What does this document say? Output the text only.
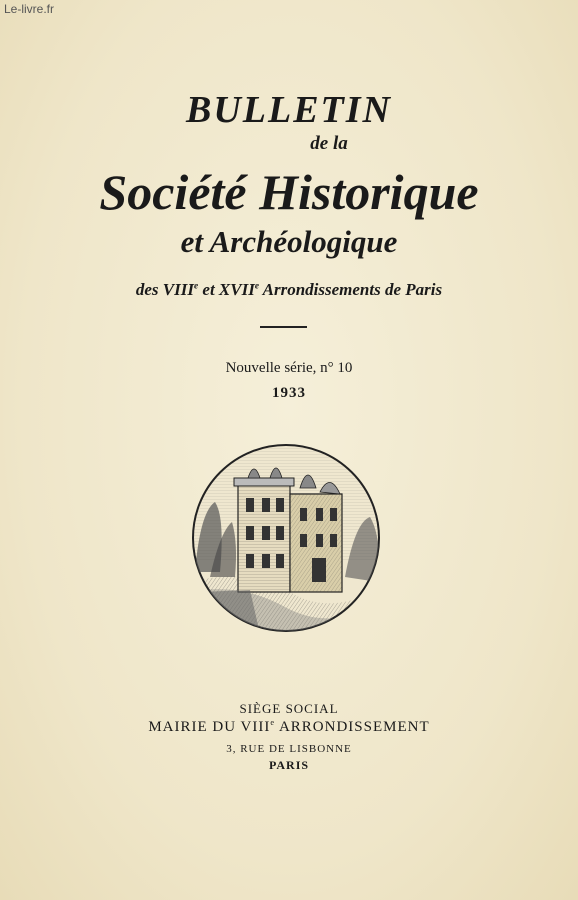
Le-livre.fr
BULLETIN
de la
Société Historique
et Archéologique
des VIIIe et XVIIe Arrondissements de Paris
Nouvelle série, n° 10
1933
SIÈGE SOCIAL
MAIRIE DU VIIIe ARRONDISSEMENT
3, RUE DE LISBONNE
PARIS
